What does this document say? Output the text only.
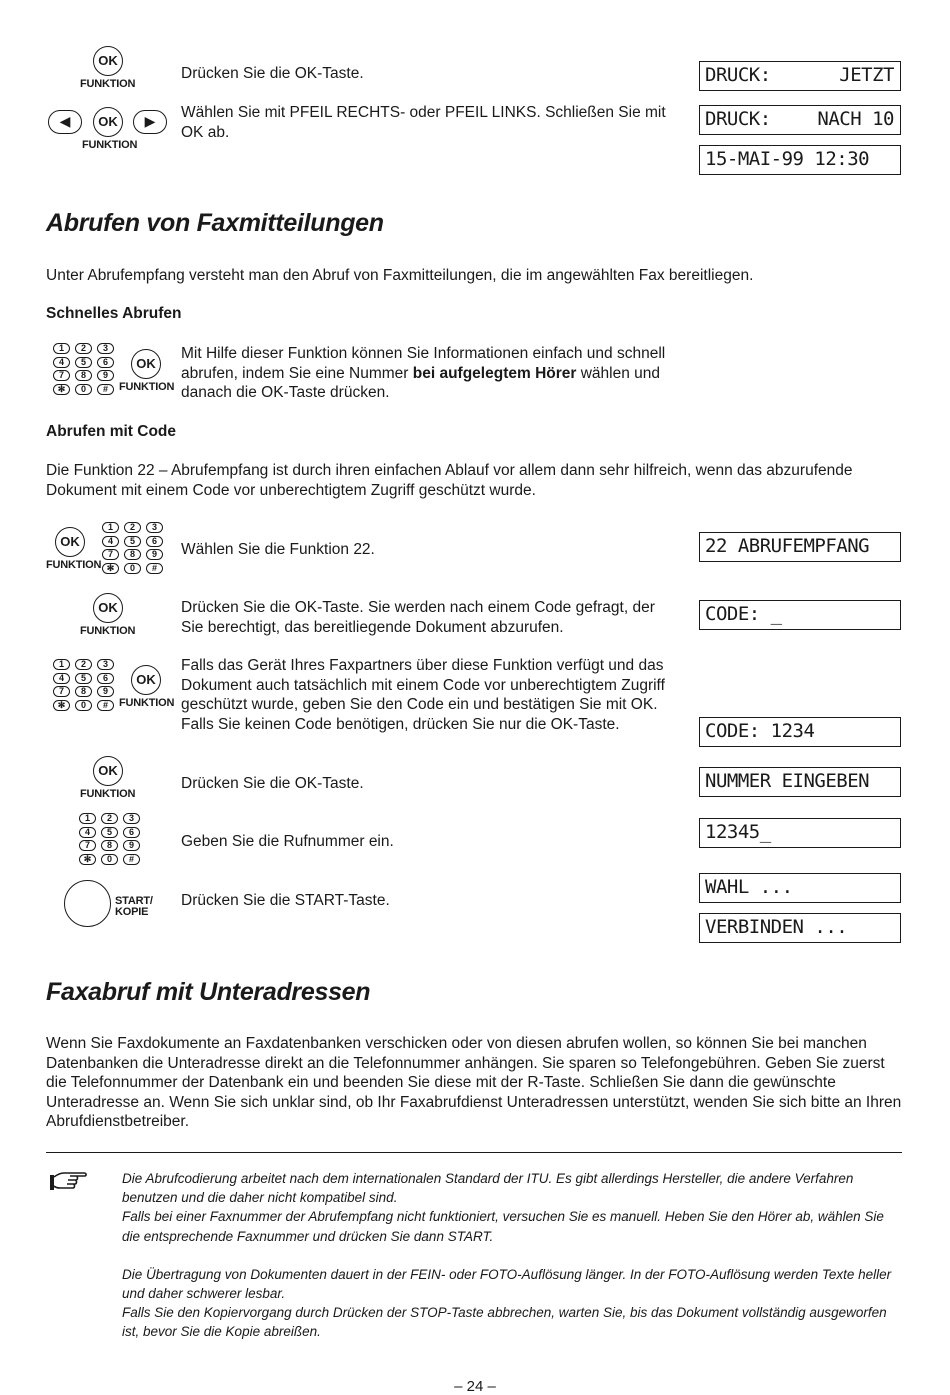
OK
FUNKTION
Drücken Sie die OK-Taste.
◀	OK	▶
FUNKTION
Wählen Sie mit PFEIL RECHTS- oder PFEIL LINKS. Schließen Sie mit OK ab.
DRUCK:	JETZT
DRUCK: NACH 10
15-MAI-99 12:30
Abrufen von Faxmitteilungen
Unter Abrufempfang versteht man den Abruf von Faxmitteilungen, die im angewählten Fax bereitliegen.
Schnelles Abrufen
1	2	3
4	5	6
7	8	9
✻	0	#
OK
FUNKTION
Mit Hilfe dieser Funktion können Sie Informationen einfach und schnell abrufen, indem Sie eine Nummer bei aufgelegtem Hörer wählen und danach die OK-Taste drücken.
Abrufen mit Code
Die Funktion 22 – Abrufempfang ist durch ihren einfachen Ablauf vor allem dann sehr hilfreich, wenn das abzurufende Dokument mit einem Code vor unberechtigtem Zugriff geschützt wurde.
OK
FUNKTION
1	2	3
4	5	6
7	8	9
✻	0	#
Wählen Sie die Funktion 22.	22 ABRUFEMPFANG
OK
FUNKTION
Drücken Sie die OK-Taste. Sie werden nach einem Code gefragt, der Sie berechtigt, das bereitliegende Dokument abzurufen.
CODE: _
1	2	3
4	5	6
7	8	9
✻	0	#
OK
FUNKTION
Falls das Gerät Ihres Faxpartners über diese Funktion verfügt und das Dokument auch tatsächlich mit einem Code vor unberechtigtem Zugriff geschützt wurde, geben Sie den Code ein und bestätigen Sie mit OK. Falls Sie keinen Code benötigen, drücken Sie nur die OK-Taste.	CODE: 1234
OK
FUNKTION
Drücken Sie die OK-Taste.	NUMMER EINGEBEN
1	2	3
4	5	6
7	8	9
✻	0	#
Geben Sie die Rufnummer ein.	12345_
START/
KOPIE
Drücken Sie die START-Taste.
WAHL ...
VERBINDEN ...
Faxabruf mit Unteradressen
Wenn Sie Faxdokumente an Faxdatenbanken verschicken oder von diesen abrufen wollen, so können Sie bei manchen Datenbanken die Unteradresse direkt an die Telefonnummer anhängen. Sie sparen so Telefongebühren. Geben Sie zuerst die Telefonnummer der Datenbank ein und beenden Sie diese mit der R-Taste. Schließen Sie dann die gewünschte Unteradresse an. Wenn Sie sich unklar sind, ob Ihr Faxabrufdienst Unteradressen unterstützt, wenden Sie sich bitte an Ihren Abrufdienstbetreiber.
Die Abrufcodierung arbeitet nach dem internationalen Standard der ITU. Es gibt allerdings Hersteller, die andere Verfahren benutzen und die daher nicht kompatibel sind.
Falls bei einer Faxnummer der Abrufempfang nicht funktioniert, versuchen Sie es manuell. Heben Sie den Hörer ab, wählen Sie die entsprechende Faxnummer und drücken Sie dann START.
Die Übertragung von Dokumenten dauert in der FEIN- oder FOTO-Auflösung länger. In der FOTO-Auflösung werden Texte heller und daher schwerer lesbar.
Falls Sie den Kopiervorgang durch Drücken der STOP-Taste abbrechen, warten Sie, bis das Dokument vollständig ausgeworfen ist, bevor Sie die Kopie abreißen.
– 24 –
